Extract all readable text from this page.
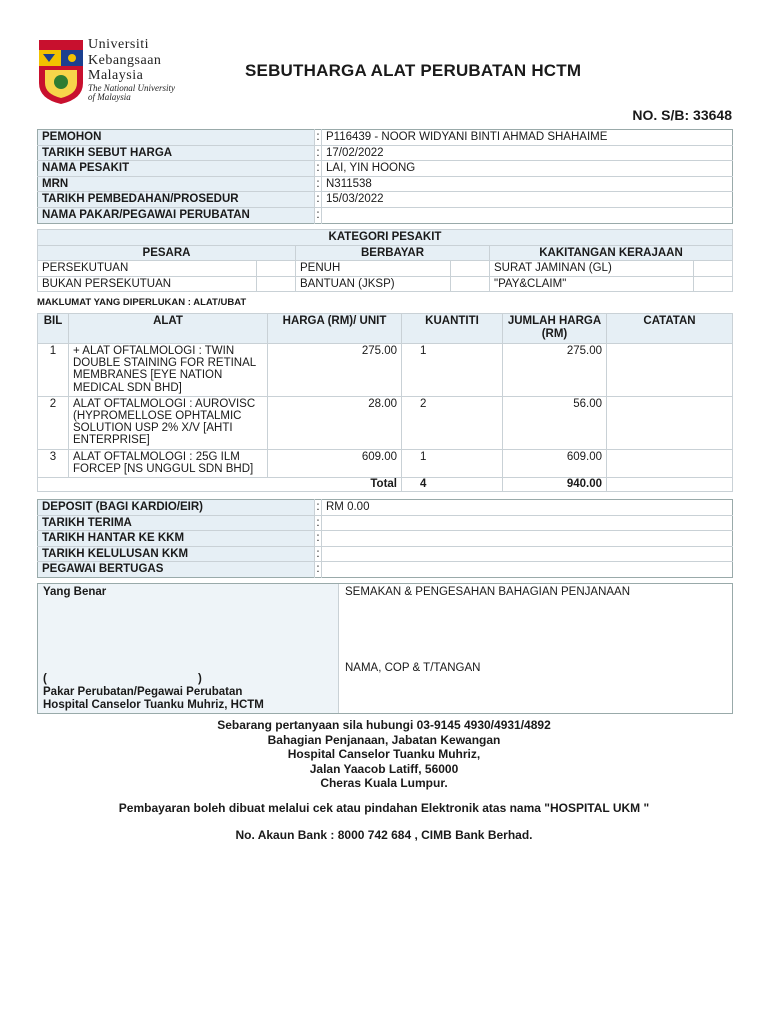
Universiti
Kebangsaan
Malaysia
The National University
of Malaysia
SEBUTHARGA ALAT PERUBATAN HCTM
NO. S/B: 33648
PEMOHON	:	P116439 - NOOR WIDYANI BINTI AHMAD SHAHAIME
TARIKH SEBUT HARGA	:	17/02/2022
NAMA PESAKIT	:	LAI, YIN HOONG
MRN	:	N311538
TARIKH PEMBEDAHAN/PROSEDUR	:	15/03/2022
NAMA PAKAR/PEGAWAI PERUBATAN	:	
KATEGORI PESAKIT					
PESARA		BERBAYAR		KAKITANGAN KERAJAAN	
PERSEKUTUAN		PENUH		SURAT JAMINAN (GL)	
BUKAN PERSEKUTUAN		BANTUAN (JKSP)		"PAY&CLAIM"	
MAKLUMAT YANG DIPERLUKAN : ALAT/UBAT
BIL	ALAT	HARGA (RM)/ UNIT	KUANTITI	JUMLAH HARGA (RM)	CATATAN
1	+ ALAT OFTALMOLOGI : TWIN DOUBLE STAINING FOR RETINAL MEMBRANES [EYE NATION MEDICAL SDN BHD]	275.00	1	275.00	
2	ALAT OFTALMOLOGI : AUROVISC (HYPROMELLOSE OPHTALMIC SOLUTION USP 2% X/V [AHTI ENTERPRISE]	28.00	2	56.00	
3	ALAT OFTALMOLOGI : 25G ILM FORCEP [NS UNGGUL SDN BHD]	609.00	1	609.00	
Total			4	940.00	
DEPOSIT (BAGI KARDIO/EIR)	:	RM 0.00
TARIKH TERIMA	:	
TARIKH HANTAR KE KKM	:	
TARIKH KELULUSAN KKM	:	
PEGAWAI BERTUGAS	:	
Yang Benar
(	)
Pakar Perubatan/Pegawai Perubatan
Hospital Canselor Tuanku Muhriz, HCTM
SEMAKAN & PENGESAHAN BAHAGIAN PENJANAAN
NAMA, COP & T/TANGAN
Sebarang pertanyaan sila hubungi 03-9145 4930/4931/4892
Bahagian Penjanaan, Jabatan Kewangan
Hospital Canselor Tuanku Muhriz,
Jalan Yaacob Latiff, 56000
Cheras Kuala Lumpur.
Pembayaran boleh dibuat melalui cek atau pindahan Elektronik atas nama "HOSPITAL UKM "
No. Akaun Bank : 8000 742 684 , CIMB Bank Berhad.
